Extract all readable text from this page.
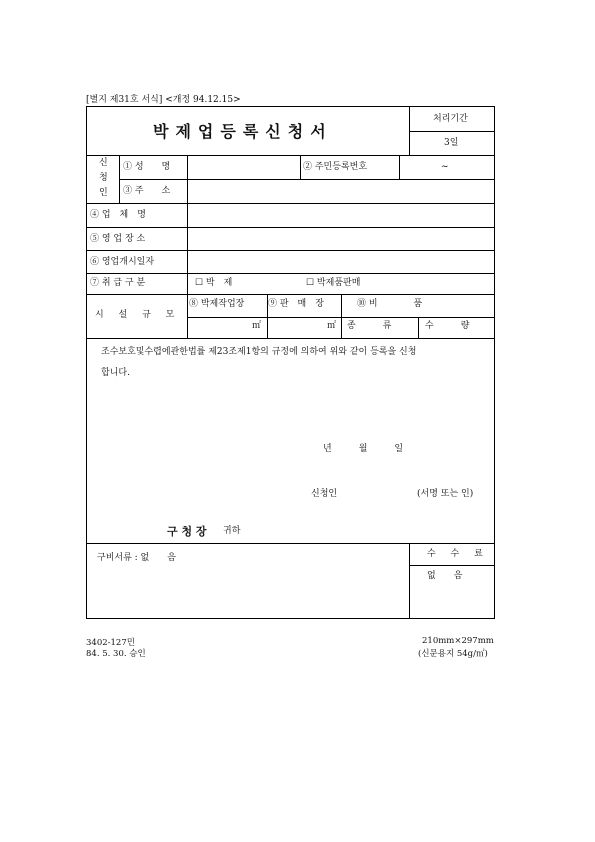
[별지 제31호 서식] <개정 94.12.15>
박제업등록신청서
처리기간
3일
신
청
인
① 성　　명	② 주민등록번호	~
③ 주　　소
④ 업　체　명
⑤ 영 업 장 소
⑥ 영업개시일자
⑦ 취 급 구 분	☐ 박　제	☐ 박제품판매
시 설 규 모
⑧ 박제작업장	⑨ 판　매　장	⑩ 비　　　　품
㎡	㎡ 종　　　류	수　　　량
조수보호및수렵에관한법률 제23조제1항의 규정에 의하여 위와 같이 등록을 신청
합니다.
년　　　월　　　일
신청인	(서명 또는 인)
구 청 장 귀하
구비서류 : 없　　음	수 수 료
없　　음
3402-127민
84. 5. 30. 승인
210mm×297mm
(신문용지 54g/㎡)
